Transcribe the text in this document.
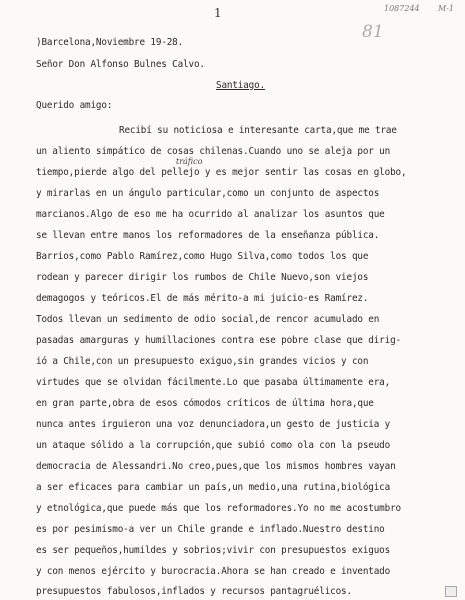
1	1087244 M-1
81
)Barcelona,Noviembre 19-28.
Señor Don Alfonso Bulnes Calvo.
Santiago.
Querido amigo:
Recibí su noticiosa e interesante carta,que me trae
un aliento simpático de cosas chilenas.Cuando uno se aleja por un
tráfico
tiempo,pierde algo del pellejo y es mejor sentir las cosas en globo,
y mirarlas en un ángulo particular,como un conjunto de aspectos
marcianos.Algo de eso me ha ocurrido al analizar los asuntos que
se llevan entre manos los reformadores de la enseñanza pública.
Barrios,como Pablo Ramírez,como Hugo Silva,como todos los que
rodean y parecer dirigir los rumbos de Chile Nuevo,son viejos
demagogos y teóricos.El de más mérito-a mi juicio-es Ramírez.
Todos llevan un sedimento de odio social,de rencor acumulado en
pasadas amarguras y humillaciones contra ese pobre clase que dirig-
ió a Chile,con un presupuesto exiguo,sin grandes vicios y con
virtudes que se olvidan fácilmente.Lo que pasaba últimamente era,
en gran parte,obra de esos cómodos críticos de última hora,que
nunca antes irguieron una voz denunciadora,un gesto de justicia y
un ataque sólido a la corrupción,que subió como ola con la pseudo
democracia de Alessandri.No creo,pues,que los mismos hombres vayan
a ser eficaces para cambiar un país,un medio,una rutina,biológica
y etnológica,que puede más que los reformadores.Yo no me acostumbro
es por pesimismo-a ver un Chile grande e inflado.Nuestro destino
es ser pequeños,humildes y sobrios;vivir con presupuestos exiguos
y con menos ejército y burocracia.Ahora se han creado e inventado
presupuestos fabulosos,inflados y recursos pantagruélicos.
